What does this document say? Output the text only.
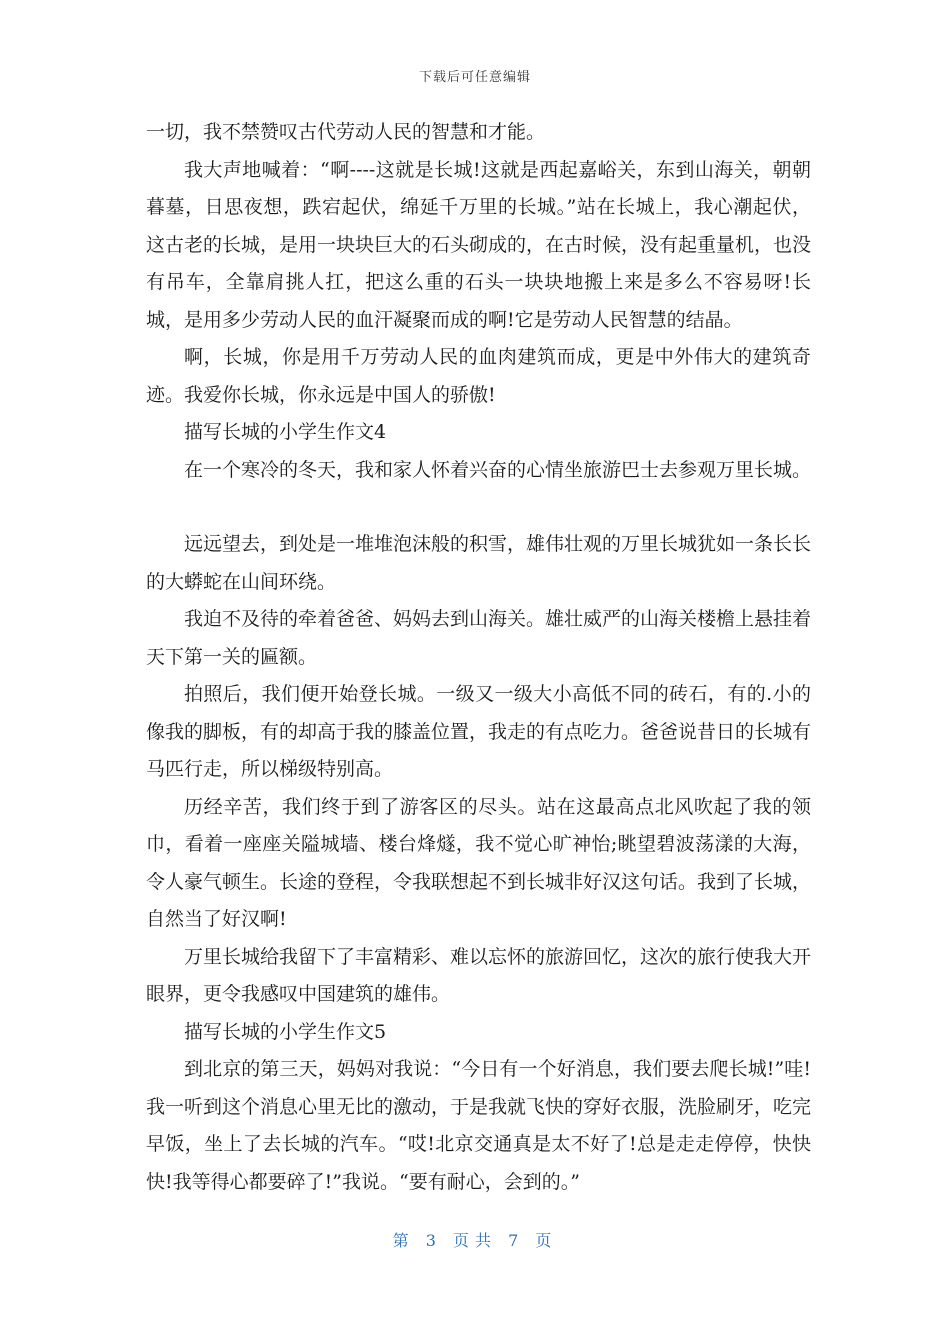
下载后可任意编辑

一切，我不禁赞叹古代劳动人民的智慧和才能。

我大声地喊着：“啊----这就是长城!这就是西起嘉峪关，东到山海关，朝朝暮墓，日思夜想，跌宕起伏，绵延千万里的长城。”站在长城上，我心潮起伏，这古老的长城，是用一块块巨大的石头砌成的，在古时候，没有起重量机，也没有吊车，全靠肩挑人扛，把这么重的石头一块块地搬上来是多么不容易呀!长城，是用多少劳动人民的血汗凝聚而成的啊!它是劳动人民智慧的结晶。

啊，长城，你是用千万劳动人民的血肉建筑而成，更是中外伟大的建筑奇迹。我爱你长城，你永远是中国人的骄傲!

描写长城的小学生作文4

在一个寒冷的冬天，我和家人怀着兴奋的心情坐旅游巴士去参观万里长城。

远远望去，到处是一堆堆泡沫般的积雪，雄伟壮观的万里长城犹如一条长长的大蟒蛇在山间环绕。

我迫不及待的牵着爸爸、妈妈去到山海关。雄壮威严的山海关楼檐上悬挂着天下第一关的匾额。

拍照后，我们便开始登长城。一级又一级大小高低不同的砖石，有的.小的像我的脚板，有的却高于我的膝盖位置，我走的有点吃力。爸爸说昔日的长城有马匹行走，所以梯级特别高。

历经辛苦，我们终于到了游客区的尽头。站在这最高点北风吹起了我的领巾，看着一座座关隘城墙、楼台烽燧，我不觉心旷神怡;眺望碧波荡漾的大海，令人豪气顿生。长途的登程，令我联想起不到长城非好汉这句话。我到了长城，自然当了好汉啊!

万里长城给我留下了丰富精彩、难以忘怀的旅游回忆，这次的旅行使我大开眼界，更令我感叹中国建筑的雄伟。

描写长城的小学生作文5

到北京的第三天，妈妈对我说：“今日有一个好消息，我们要去爬长城!”哇!我一听到这个消息心里无比的激动，于是我就飞快的穿好衣服，洗脸刷牙，吃完早饭，坐上了去长城的汽车。“哎!北京交通真是太不好了!总是走走停停，快快快!我等得心都要碎了!”我说。“要有耐心，会到的。”

第 3 页共 7 页
